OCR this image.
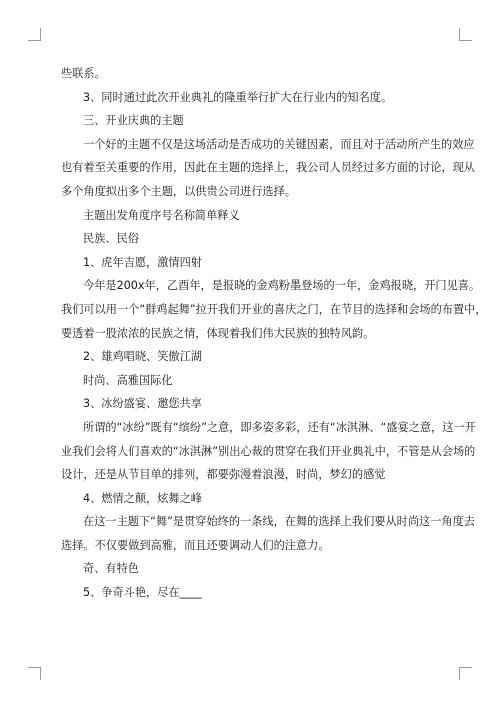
些联系。

3、同时通过此次开业典礼的隆重举行扩大在行业内的知名度。

三、开业庆典的主题

一个好的主题不仅是这场活动是否成功的关键因素，而且对于活动所产生的效应

也有着至关重要的作用，因此在主题的选择上，我公司人员经过多方面的讨论，现从

多个角度拟出多个主题，以供贵公司进行选择。

主题出发角度序号名称简单释义

民族、民俗

1、虎年吉愿，激情四射

今年是200x年，乙酉年，是报晓的金鸡粉墨登场的一年，金鸡报晓，开门见喜。

我们可以用一个“群鸡起舞”拉开我们开业的喜庆之门，在节目的选择和会场的布置中，

要透着一股浓浓的民族之情，体现着我们伟大民族的独特风韵。

2、雄鸡唱晓、笑傲江湖

时尚、高雅国际化

3、冰纷盛宴、邀您共享

所谓的“冰纷”既有“缤纷”之意，即多姿多彩，还有“冰淇淋、“盛宴之意，这一开

业我们会将人们喜欢的“冰淇淋”别出心裁的贯穿在我们开业典礼中，不管是从会场的

设计，还是从节目单的排列，都要弥漫着浪漫，时尚，梦幻的感觉

4、燃情之颠，炫舞之峰

在这一主题下“舞”是贯穿始终的一条线，在舞的选择上我们要从时尚这一角度去

选择。不仅要做到高雅，而且还要调动人们的注意力。

奇、有特色

5、争奇斗艳，尽在____
